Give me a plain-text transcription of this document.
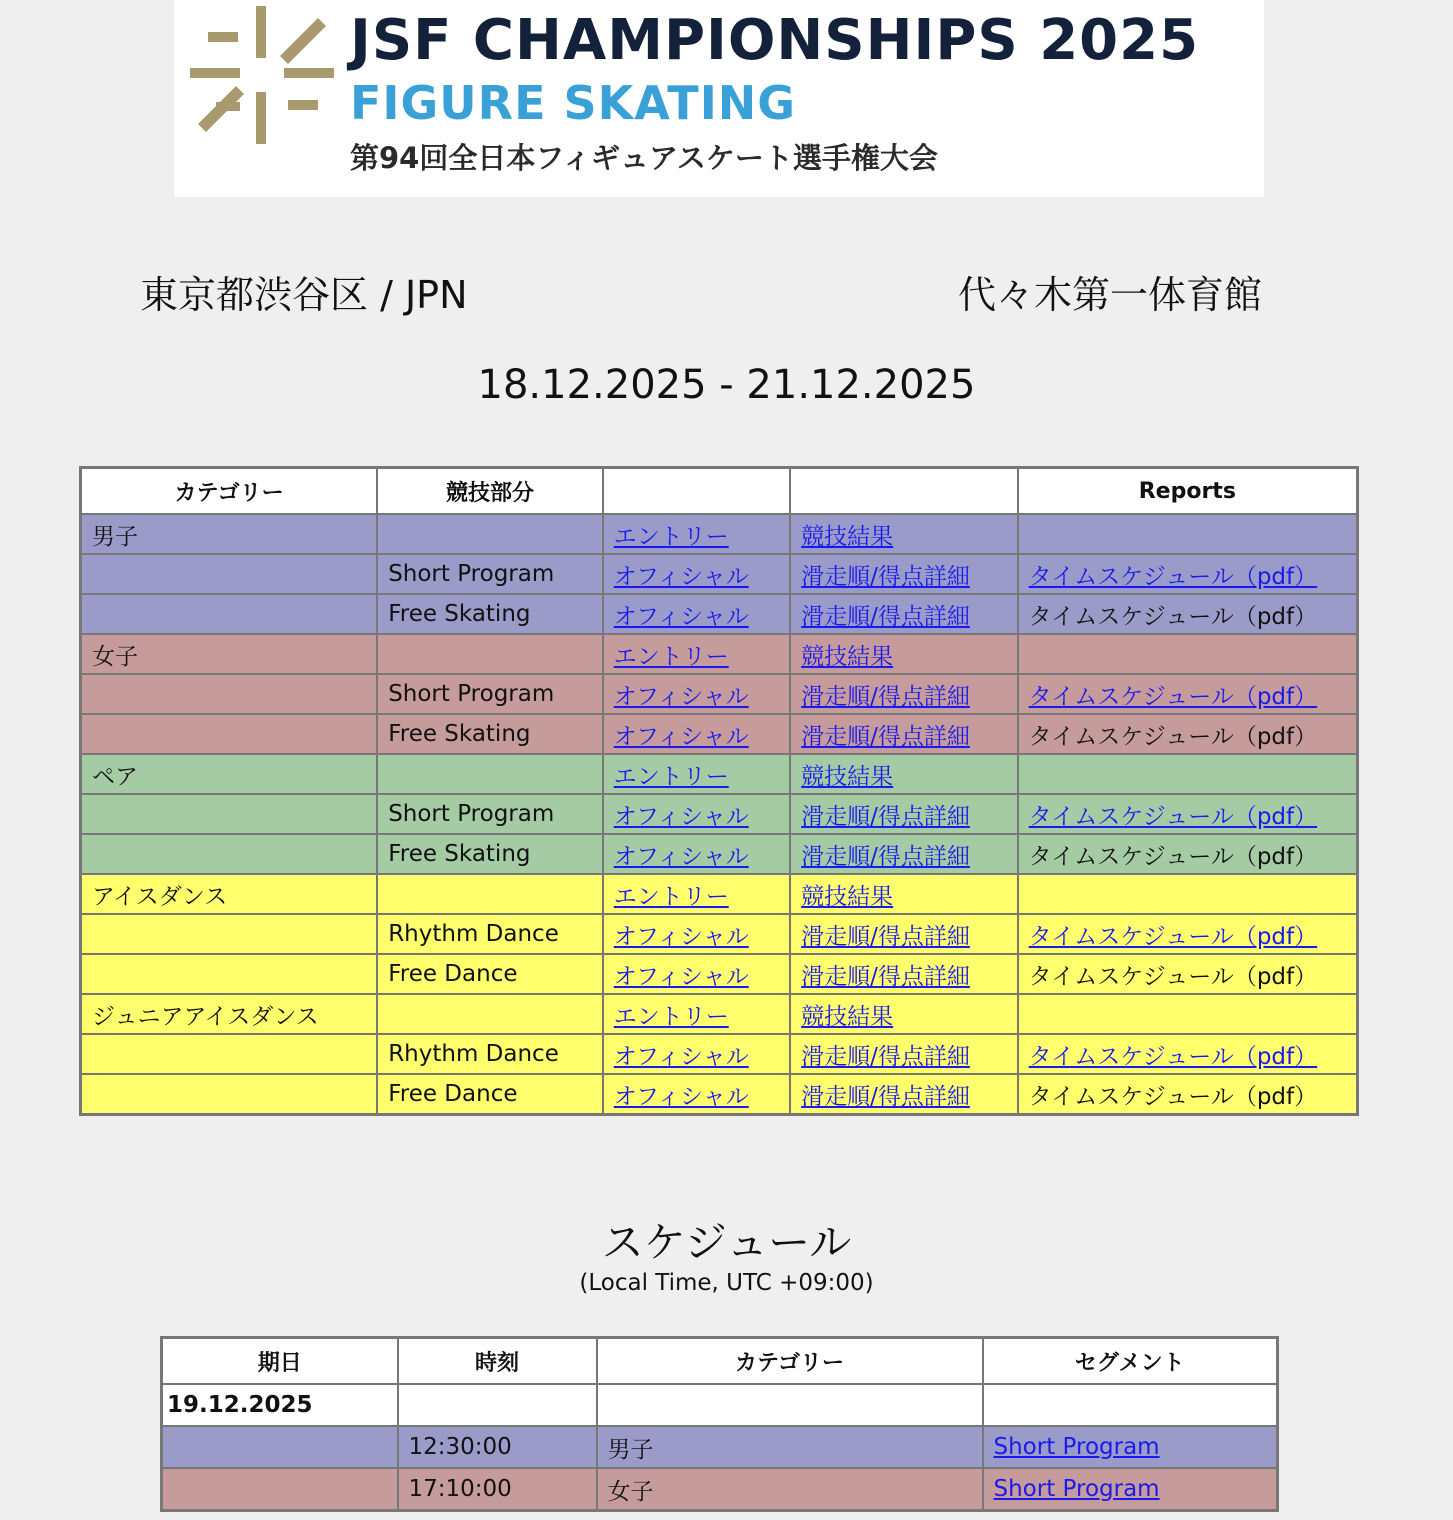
JSF CHAMPIONSHIPS 2025
FIGURE SKATING
第94回全日本フィギュアスケート選手権大会
東京都渋谷区 / JPN	代々木第一体育館
18.12.2025 - 21.12.2025
カテゴリー	競技部分			Reports
男子		エントリー	競技結果	
	Short Program	オフィシャル	滑走順/得点詳細	タイムスケジュール（pdf）
	Free Skating	オフィシャル	滑走順/得点詳細	タイムスケジュール（pdf）
女子		エントリー	競技結果	
	Short Program	オフィシャル	滑走順/得点詳細	タイムスケジュール（pdf）
	Free Skating	オフィシャル	滑走順/得点詳細	タイムスケジュール（pdf）
ペア		エントリー	競技結果	
	Short Program	オフィシャル	滑走順/得点詳細	タイムスケジュール（pdf）
	Free Skating	オフィシャル	滑走順/得点詳細	タイムスケジュール（pdf）
アイスダンス		エントリー	競技結果	
	Rhythm Dance	オフィシャル	滑走順/得点詳細	タイムスケジュール（pdf）
	Free Dance	オフィシャル	滑走順/得点詳細	タイムスケジュール（pdf）
ジュニアアイスダンス		エントリー	競技結果	
	Rhythm Dance	オフィシャル	滑走順/得点詳細	タイムスケジュール（pdf）
	Free Dance	オフィシャル	滑走順/得点詳細	タイムスケジュール（pdf）
スケジュール
(Local Time, UTC +09:00)
期日	時刻	カテゴリー	セグメント
19.12.2025			
	12:30:00	男子	Short Program
	17:10:00	女子	Short Program
